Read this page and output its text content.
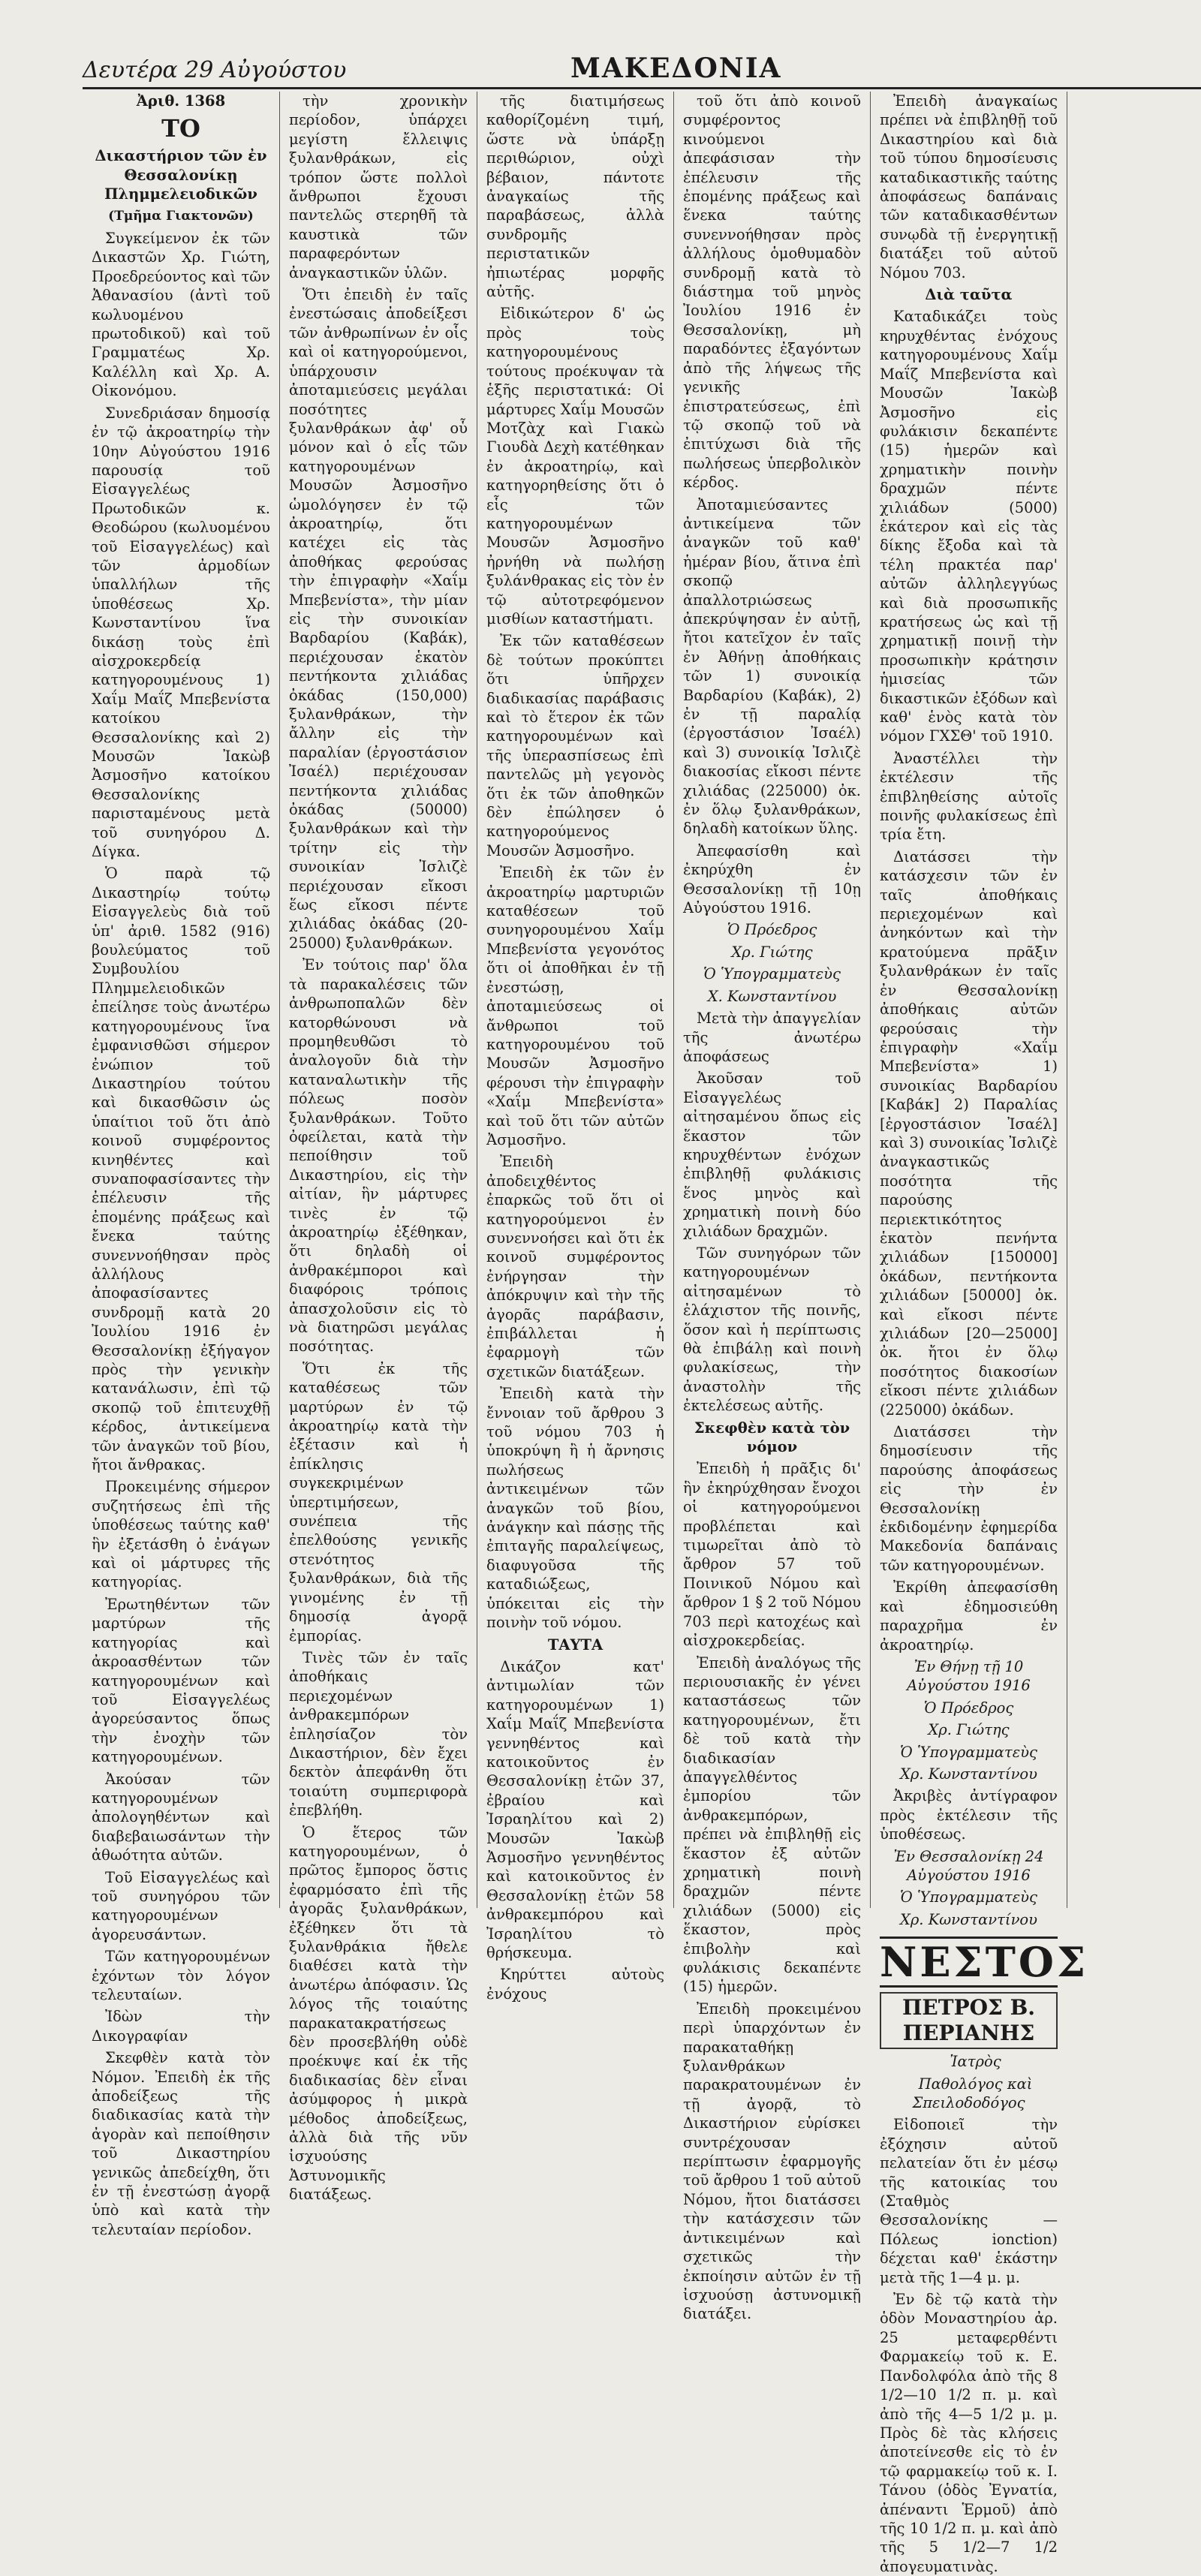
Δευτέρα 29 Αὐγούστου	ΜΑΚΕΔΟΝΙΑ

Ἀριθ. 1368

ΤΟ

Δικαστήριον τῶν ἐν Θεσσαλονίκῃ Πλημμελειοδικῶν

(Τμῆμα Γιακτονῶν)

Συγκείμενον ἐκ τῶν Δικαστῶν Χρ. Γιώτη, Προεδρεύοντος καὶ τῶν Ἀθανασίου (ἀντὶ τοῦ κωλυομένου πρωτοδικοῦ) καὶ τοῦ Γραμματέως Χρ. Καλέλλη καὶ Χρ. Α. Οἰκονόμου.

Συνεδριάσαν δημοσίᾳ ἐν τῷ ἀκροατηρίῳ τὴν 10ην Αὐγούστου 1916 παρουσίᾳ τοῦ Εἰσαγγελέως Πρωτοδικῶν κ. Θεοδώρου (κωλυομένου τοῦ Εἰσαγγελέως) καὶ τῶν ἀρμοδίων ὑπαλλήλων τῆς ὑποθέσεως Χρ. Κωνσταντίνου ἵνα δικάσῃ τοὺς ἐπὶ αἰσχροκερδείᾳ κατηγορουμένους 1) Χαΐμ Μαΐζ Μπεβενίστα κατοίκου Θεσσαλονίκης καὶ 2) Μουσῶν Ἰακὼβ Ἀσμοσῆνο κατοίκου Θεσσαλονίκης παρισταμένους μετὰ τοῦ συνηγόρου Δ. Δίγκα.

Ὁ παρὰ τῷ Δικαστηρίῳ τούτῳ Εἰσαγγελεὺς διὰ τοῦ ὑπ' ἀριθ. 1582 (916) βουλεύματος τοῦ Συμβουλίου Πλημμελειοδικῶν ἐπείλησε τοὺς ἀνωτέρω κατηγορουμένους ἵνα ἐμφανισθῶσι σήμερον ἐνώπιον τοῦ Δικαστηρίου τούτου καὶ δικασθῶσιν ὡς ὑπαίτιοι τοῦ ὅτι ἀπὸ κοινοῦ συμφέροντος κινηθέντες καὶ συναποφασίσαντες τὴν ἐπέλευσιν τῆς ἐπομένης πράξεως καὶ ἔνεκα ταύτης συνεννοήθησαν πρὸς ἀλλήλους ἀποφασίσαντες συνδρομῇ κατὰ 20 Ἰουλίου 1916 ἐν Θεσσαλονίκῃ ἐξήγαγον πρὸς τὴν γενικὴν κατανάλωσιν, ἐπὶ τῷ σκοπῷ τοῦ ἐπιτευχθῇ κέρδος, ἀντικείμενα τῶν ἀναγκῶν τοῦ βίου, ἤτοι ἄνθρακας.

Προκειμένης σήμερον συζητήσεως ἐπὶ τῆς ὑποθέσεως ταύτης καθ' ἣν ἐξετάσθη ὁ ἐνάγων καὶ οἱ μάρτυρες τῆς κατηγορίας.

Ἐρωτηθέντων τῶν μαρτύρων τῆς κατηγορίας καὶ ἀκροασθέντων τῶν κατηγορουμένων καὶ τοῦ Εἰσαγγελέως ἀγορεύσαντος ὅπως τὴν ἐνοχὴν τῶν κατηγορουμένων.

Ἀκούσαν τῶν κατηγορουμένων ἀπολογηθέντων καὶ διαβεβαιωσάντων τὴν ἀθωότητα αὐτῶν.

Τοῦ Εἰσαγγελέως καὶ τοῦ συνηγόρου τῶν κατηγορουμένων ἀγορευσάντων.

Τῶν κατηγορουμένων ἐχόντων τὸν λόγον τελευταίων.

Ἰδὼν τὴν Δικογραφίαν

Σκεφθὲν κατὰ τὸν Νόμον. Ἐπειδὴ ἐκ τῆς ἀποδείξεως τῆς διαδικασίας κατὰ τὴν ἀγορὰν καὶ πεποίθησιν τοῦ Δικαστηρίου γενικῶς ἀπεδείχθη, ὅτι ἐν τῇ ἐνεστώσῃ ἀγορᾷ ὑπὸ καὶ κατὰ τὴν τελευταίαν περίοδον.

τὴν χρονικὴν περίοδον, ὑπάρχει μεγίστη ἔλλειψις ξυλανθράκων, εἰς τρόπον ὥστε πολλοὶ ἄνθρωποι ἔχουσι παντελῶς στερηθῆ τὰ καυστικὰ τῶν παραφερόντων ἀναγκαστικῶν ὑλῶν.

Ὅτι ἐπειδὴ ἐν ταῖς ἐνεστώσαις ἀποδείξεσι τῶν ἀνθρωπίνων ἐν οἷς καὶ οἱ κατηγορούμενοι, ὑπάρχουσιν ἀποταμιεύσεις μεγάλαι ποσότητες ξυλανθράκων ἀφ' οὗ μόνον καὶ ὁ εἷς τῶν κατηγορουμένων Μουσῶν Ἀσμοσῆνο ὡμολόγησεν ἐν τῷ ἀκροατηρίῳ, ὅτι κατέχει εἰς τὰς ἀποθήκας φερούσας τὴν ἐπιγραφὴν «Χαΐμ Μπεβενίστα», τὴν μίαν εἰς τὴν συνοικίαν Βαρδαρίου (Καβάκ), περιέχουσαν ἑκατὸν πεντήκοντα χιλιάδας ὀκάδας (150,000) ξυλανθράκων, τὴν ἄλλην εἰς τὴν παραλίαν (ἐργοστάσιον Ἰσαέλ) περιέχουσαν πεντήκοντα χιλιάδας ὀκάδας (50000) ξυλανθράκων καὶ τὴν τρίτην εἰς τὴν συνοικίαν Ἰσλιζὲ περιέχουσαν εἴκοσι ἕως εἴκοσι πέντε χιλιάδας ὀκάδας (20-25000) ξυλανθράκων.

Ἐν τούτοις παρ' ὅλα τὰ παρακαλέσεις τῶν ἀνθρωποπαλῶν δὲν κατορθώνουσι νὰ προμηθευθῶσι τὸ ἀναλογοῦν διὰ τὴν καταναλωτικὴν τῆς πόλεως ποσὸν ξυλανθράκων. Τοῦτο ὀφείλεται, κατὰ τὴν πεποίθησιν τοῦ Δικαστηρίου, εἰς τὴν αἰτίαν, ἣν μάρτυρες τινὲς ἐν τῷ ἀκροατηρίῳ ἐξέθηκαν, ὅτι δηλαδὴ οἱ ἀνθρακέμποροι καὶ διαφόροις τρόποις ἀπασχολοῦσιν εἰς τὸ νὰ διατηρῶσι μεγάλας ποσότητας.

Ὅτι ἐκ τῆς καταθέσεως τῶν μαρτύρων ἐν τῷ ἀκροατηρίῳ κατὰ τὴν ἐξέτασιν καὶ ἡ ἐπίκλησις συγκεκριμένων ὑπερτιμήσεων, συνέπεια τῆς ἐπελθούσης γενικῆς στενότητος ξυλανθράκων, διὰ τῆς γινομένης ἐν τῇ δημοσίᾳ ἀγορᾷ ἐμπορίας.

Τινὲς τῶν ἐν ταῖς ἀποθήκαις περιεχομένων ἀνθρακεμπόρων ἐπλησίαζον τὸν Δικαστήριον, δὲν ἔχει δεκτὸν ἀπεφάνθη ὅτι τοιαύτη συμπεριφορὰ ἐπεβλήθη.

Ὁ ἕτερος τῶν κατηγορουμένων, ὁ πρῶτος ἔμπορος ὅστις ἐφαρμόσατο ἐπὶ τῆς ἀγορᾶς ξυλανθράκων, ἐξέθηκεν ὅτι τὰ ξυλανθράκια ἤθελε διαθέσει κατὰ τὴν ἀνωτέρω ἀπόφασιν. Ὡς λόγος τῆς τοιαύτης παρακατακρατήσεως δὲν προσεβλήθη οὐδὲ προέκυψε καί ἐκ τῆς διαδικασίας δὲν εἶναι ἀσύμφορος ἡ μικρὰ μέθοδος ἀποδείξεως, ἀλλὰ διὰ τῆς νῦν ἰσχυούσης Ἀστυνομικῆς διατάξεως.

τῆς διατιμήσεως καθορίζομένη τιμή, ὥστε νὰ ὑπάρξῃ περιθώριον, οὐχὶ βέβαιον, πάντοτε ἀναγκαίως τῆς παραβάσεως, ἀλλὰ συνδρομῆς περιστατικῶν ἠπιωτέρας μορφῆς αὐτῆς.

Εἰδικώτερον δ' ὡς πρὸς τοὺς κατηγορουμένους τούτους προέκυψαν τὰ ἑξῆς περιστατικά: Οἱ μάρτυρες Χαΐμ Μουσῶν Μοτζὰχ καὶ Γιακὼ Γιουδὰ Δεχὴ κατέθηκαν ἐν ἀκροατηρίῳ, καὶ κατηγορηθείσης ὅτι ὁ εἷς τῶν κατηγορουμένων Μουσῶν Ἀσμοσῆνο ἠρνήθη νὰ πωλήσῃ ξυλάνθρακας εἰς τὸν ἐν τῷ αὐτοτρεφόμενον μισθίων καταστήματι.

Ἐκ τῶν καταθέσεων δὲ τούτων προκύπτει ὅτι ὑπῆρχεν διαδικασίας παράβασις καὶ τὸ ἕτερον ἐκ τῶν κατηγορουμένων καὶ τῆς ὑπερασπίσεως ἐπὶ παντελῶς μὴ γεγονὸς ὅτι ἐκ τῶν ἀποθηκῶν δὲν ἐπώλησεν ὁ κατηγορούμενος Μουσῶν Ἀσμοσῆνο.

Ἐπειδὴ ἐκ τῶν ἐν ἀκροατηρίῳ μαρτυριῶν καταθέσεων τοῦ συνηγορουμένου Χαΐμ Μπεβενίστα γεγονότος ὅτι οἱ ἀποθῆκαι ἐν τῇ ἐνεστώσῃ, ἀποταμιεύσεως οἱ ἄνθρωποι τοῦ κατηγορουμένου τοῦ Μουσῶν Ἀσμοσῆνο φέρουσι τὴν ἐπιγραφὴν «Χαΐμ Μπεβενίστα» καὶ τοῦ ὅτι τῶν αὐτῶν Ἀσμοσῆνο.

Ἐπειδὴ ἀποδειχθέντος ἐπαρκῶς τοῦ ὅτι οἱ κατηγορούμενοι ἐν συνεννοήσει καὶ ὅτι ἐκ κοινοῦ συμφέροντος ἐνήργησαν τὴν ἀπόκρυψιν καὶ τὴν τῆς ἀγορᾶς παράβασιν, ἐπιβάλλεται ἡ ἐφαρμογὴ τῶν σχετικῶν διατάξεων.

Ἐπειδὴ κατὰ τὴν ἔννοιαν τοῦ ἄρθρου 3 τοῦ νόμου 703 ἡ ὑποκρύψη ἢ ἡ ἄρνησις πωλήσεως ἀντικειμένων τῶν ἀναγκῶν τοῦ βίου, ἀνάγκην καὶ πάσῃς τῆς ἐπιταγῆς παραλείψεως, διαφυγοῦσα τῆς καταδιώξεως, ὑπόκειται εἰς τὴν ποινὴν τοῦ νόμου.

ΤΑΥΤΑ

Δικάζον κατ' ἀντιμωλίαν τῶν κατηγορουμένων 1) Χαΐμ Μαΐζ Μπεβενίστα γεννηθέντος καὶ κατοικοῦντος ἐν Θεσσαλονίκῃ ἐτῶν 37, ἐβραίου καὶ Ἰσραηλίτου καὶ 2) Μουσῶν Ἰακὼβ Ἀσμοσῆνο γεννηθέντος καὶ κατοικοῦντος ἐν Θεσσαλονίκῃ ἐτῶν 58 ἀνθρακεμπόρου καὶ Ἰσραηλίτου τὸ θρήσκευμα.

Κηρύττει αὐτοὺς ἐνόχους

τοῦ ὅτι ἀπὸ κοινοῦ συμφέροντος κινούμενοι ἀπεφάσισαν τὴν ἐπέλευσιν τῆς ἐπομένης πράξεως καὶ ἕνεκα ταύτης συνεννοήθησαν πρὸς ἀλλήλους ὁμοθυμαδὸν συνδρομῇ κατὰ τὸ διάστημα τοῦ μηνὸς Ἰουλίου 1916 ἐν Θεσσαλονίκῃ, μὴ παραδόντες ἐξαγόντων ἀπὸ τῆς λήψεως τῆς γενικῆς ἐπιστρατεύσεως, ἐπὶ τῷ σκοπῷ τοῦ νὰ ἐπιτύχωσι διὰ τῆς πωλήσεως ὑπερβολικὸν κέρδος.

Ἀποταμιεύσαντες ἀντικείμενα τῶν ἀναγκῶν τοῦ καθ' ἡμέραν βίου, ἅτινα ἐπὶ σκοπῷ ἀπαλλοτριώσεως ἀπεκρύψησαν ἐν αὐτῇ, ἤτοι κατεῖχον ἐν ταῖς ἐν Ἀθήνῃ ἀποθήκαις τῶν 1) συνοικίᾳ Βαρδαρίου (Καβάκ), 2) ἐν τῇ παραλίᾳ (ἐργοστάσιον Ἰσαέλ) καὶ 3) συνοικίᾳ Ἰσλιζὲ διακοσίας εἴκοσι πέντε χιλιάδας (225000) ὀκ. ἐν ὅλῳ ξυλανθράκων, δηλαδὴ κατοίκων ὕλης.

Ἀπεφασίσθη καὶ ἐκηρύχθη ἐν Θεσσαλονίκῃ τῇ 10ῃ Αὐγούστου 1916.

Ὁ Πρόεδρος

Χρ. Γιώτης

Ὁ Ὑπογραμματεὺς

Χ. Κωνσταντίνου

Μετὰ τὴν ἀπαγγελίαν τῆς ἀνωτέρω ἀποφάσεως

Ἀκοῦσαν τοῦ Εἰσαγγελέως αἰτησαμένου ὅπως εἰς ἕκαστον τῶν κηρυχθέντων ἐνόχων ἐπιβληθῇ φυλάκισις ἕνος μηνὸς καὶ χρηματικὴ ποινὴ δύο χιλιάδων δραχμῶν.

Τῶν συνηγόρων τῶν κατηγορουμένων αἰτησαμένων τὸ ἐλάχιστον τῆς ποινῆς, ὅσον καὶ ἡ περίπτωσις θὰ ἐπιβάλῃ καὶ ποινὴ φυλακίσεως, τὴν ἀναστολὴν τῆς ἐκτελέσεως αὐτῆς.

Σκεφθὲν κατὰ τὸν νόμον

Ἐπειδὴ ἡ πρᾶξις δι' ἣν ἐκηρύχθησαν ἔνοχοι οἱ κατηγορούμενοι προβλέπεται καὶ τιμωρεῖται ἀπὸ τὸ ἄρθρον 57 τοῦ Ποινικοῦ Νόμου καὶ ἄρθρον 1 § 2 τοῦ Νόμου 703 περὶ κατοχέως καὶ αἰσχροκερδείας.

Ἐπειδὴ ἀναλόγως τῆς περιουσιακῆς ἐν γένει καταστάσεως τῶν κατηγορουμένων, ἔτι δὲ τοῦ κατὰ τὴν διαδικασίαν ἀπαγγελθέντος ἐμπορίου τῶν ἀνθρακεμπόρων, πρέπει νὰ ἐπιβληθῇ εἰς ἕκαστον ἐξ αὐτῶν χρηματικὴ ποινὴ δραχμῶν πέντε χιλιάδων (5000) εἰς ἕκαστον, πρὸς ἐπιβολὴν καὶ φυλάκισις δεκαπέντε (15) ἡμερῶν.

Ἐπειδὴ προκειμένου περὶ ὑπαρχόντων ἐν παρακαταθήκῃ ξυλανθράκων παρακρατουμένων ἐν τῇ ἀγορᾷ, τὸ Δικαστήριον εὑρίσκει συντρέχουσαν περίπτωσιν ἐφαρμογῆς τοῦ ἄρθρου 1 τοῦ αὐτοῦ Νόμου, ἤτοι διατάσσει τὴν κατάσχεσιν τῶν ἀντικειμένων καὶ σχετικῶς τὴν ἐκποίησιν αὐτῶν ἐν τῇ ἰσχυούσῃ ἀστυνομικῇ διατάξει.

Ἐπειδὴ ἀναγκαίως πρέπει νὰ ἐπιβληθῇ τοῦ Δικαστηρίου καὶ διὰ τοῦ τύπου δημοσίευσις καταδικαστικῆς ταύτης ἀποφάσεως δαπάναις τῶν καταδικασθέντων συνῳδὰ τῇ ἐνεργητικῇ διατάξει τοῦ αὐτοῦ Νόμου 703.

Διὰ ταῦτα

Καταδικάζει τοὺς κηρυχθέντας ἐνόχους κατηγορουμένους Χαΐμ Μαΐζ Μπεβενίστα καὶ Μουσῶν Ἰακὼβ Ἀσμοσῆνο εἰς φυλάκισιν δεκαπέντε (15) ἡμερῶν καὶ χρηματικὴν ποινὴν δραχμῶν πέντε χιλιάδων (5000) ἑκάτερον καὶ εἰς τὰς δίκης ἔξοδα καὶ τὰ τέλη πρακτέα παρ' αὐτῶν ἀλληλεγγύως καὶ διὰ προσωπικῆς κρατήσεως ὡς καὶ τῇ χρηματικῇ ποινῇ τὴν προσωπικὴν κράτησιν ἡμισείας τῶν δικαστικῶν ἐξόδων καὶ καθ' ἑνὸς κατὰ τὸν νόμον ΓΧΣΘ' τοῦ 1910.

Ἀναστέλλει τὴν ἐκτέλεσιν τῆς ἐπιβληθείσης αὐτοῖς ποινῆς φυλακίσεως ἐπὶ τρία ἔτη.

Διατάσσει τὴν κατάσχεσιν τῶν ἐν ταῖς ἀποθήκαις περιεχομένων καὶ ἀνηκόντων καὶ τὴν κρατούμενα πρᾶξιν ξυλανθράκων ἐν ταῖς ἐν Θεσσαλονίκῃ ἀποθήκαις αὐτῶν φερούσαις τὴν ἐπιγραφὴν «Χαΐμ Μπεβενίστα» 1) συνοικίας Βαρδαρίου [Καβάκ] 2) Παραλίας [ἐργοστάσιον Ἰσαέλ] καὶ 3) συνοικίας Ἰσλιζὲ ἀναγκαστικῶς ποσότητα τῆς παρούσης περιεκτικότητος ἑκατὸν πενήντα χιλιάδων [150000] ὀκάδων, πεντήκοντα χιλιάδων [50000] ὀκ. καὶ εἴκοσι πέντε χιλιάδων [20—25000] ὀκ. ἤτοι ἐν ὅλῳ ποσότητος διακοσίων εἴκοσι πέντε χιλιάδων (225000) ὀκάδων.

Διατάσσει τὴν δημοσίευσιν τῆς παρούσης ἀποφάσεως εἰς τὴν ἐν Θεσσαλονίκῃ ἐκδιδομένην ἐφημερίδα Μακεδονία δαπάναις τῶν κατηγορουμένων.

Ἐκρίθη ἀπεφασίσθη καὶ ἐδημοσιεύθη παραχρῆμα ἐν ἀκροατηρίῳ.

Ἐν Θήνῃ τῇ 10 Αὐγούστου 1916

Ὁ Πρόεδρος

Χρ. Γιώτης

Ὁ Ὑπογραμματεὺς

Χρ. Κωνσταντίνου

Ἀκριβὲς ἀντίγραφον πρὸς ἐκτέλεσιν τῆς ὑποθέσεως.

Ἐν Θεσσαλονίκῃ 24 Αὐγούστου 1916

Ὁ Ὑπογραμματεὺς

Χρ. Κωνσταντίνου

ΝΕΣΤΟΣ
ΠΕΤΡΟΣ Β. ΠΕΡΙΑΝΗΣ

Ἰατρὸς

Παθολόγος καὶ Σπειλοδοδόγος

Εἰδοποιεῖ τὴν ἐξόχησιν αὐτοῦ πελατείαν ὅτι ἐν μέσῳ τῆς κατοικίας του (Σταθμὸς Θεσσαλονίκης — Πόλεως ionction) δέχεται καθ' ἑκάστην μετὰ τῆς 1—4 μ. μ.

Ἐν δὲ τῷ κατὰ τὴν ὁδὸν Μοναστηρίου ἀρ. 25 μεταφερθέντι Φαρμακείῳ τοῦ κ. Ε. Πανδολφόλα ἀπὸ τῆς 8 1/2—10 1/2 π. μ. καὶ ἀπὸ τῆς 4—5 1/2 μ. μ. Πρὸς δὲ τὰς κλήσεις ἀποτείνεσθε εἰς τὸ ἐν τῷ φαρμακείῳ τοῦ κ. Ι. Τάνου (ὁδὸς Ἐγνατία, ἀπέναντι Ἑρμοῦ) ἀπὸ τῆς 10 1/2 π. μ. καὶ ἀπὸ τῆς 5 1/2—7 1/2 ἀπογευματινὰς.
